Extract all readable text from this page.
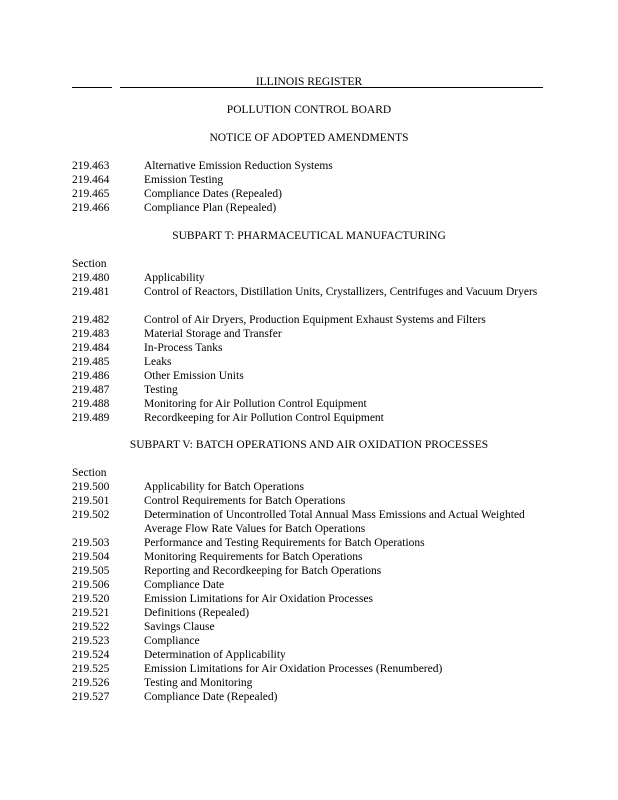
ILLINOIS REGISTER
POLLUTION CONTROL BOARD
NOTICE OF ADOPTED AMENDMENTS
219.463	Alternative Emission Reduction Systems
219.464	Emission Testing
219.465	Compliance Dates (Repealed)
219.466	Compliance Plan (Repealed)
SUBPART T: PHARMACEUTICAL MANUFACTURING
Section
219.480	Applicability
219.481	Control of Reactors, Distillation Units, Crystallizers, Centrifuges and Vacuum Dryers
219.482	Control of Air Dryers, Production Equipment Exhaust Systems and Filters
219.483	Material Storage and Transfer
219.484	In-Process Tanks
219.485	Leaks
219.486	Other Emission Units
219.487	Testing
219.488	Monitoring for Air Pollution Control Equipment
219.489	Recordkeeping for Air Pollution Control Equipment
SUBPART V: BATCH OPERATIONS AND AIR OXIDATION PROCESSES
Section
219.500	Applicability for Batch Operations
219.501	Control Requirements for Batch Operations
219.502	Determination of Uncontrolled Total Annual Mass Emissions and Actual Weighted Average Flow Rate Values for Batch Operations
219.503	Performance and Testing Requirements for Batch Operations
219.504	Monitoring Requirements for Batch Operations
219.505	Reporting and Recordkeeping for Batch Operations
219.506	Compliance Date
219.520	Emission Limitations for Air Oxidation Processes
219.521	Definitions (Repealed)
219.522	Savings Clause
219.523	Compliance
219.524	Determination of Applicability
219.525	Emission Limitations for Air Oxidation Processes (Renumbered)
219.526	Testing and Monitoring
219.527	Compliance Date (Repealed)
